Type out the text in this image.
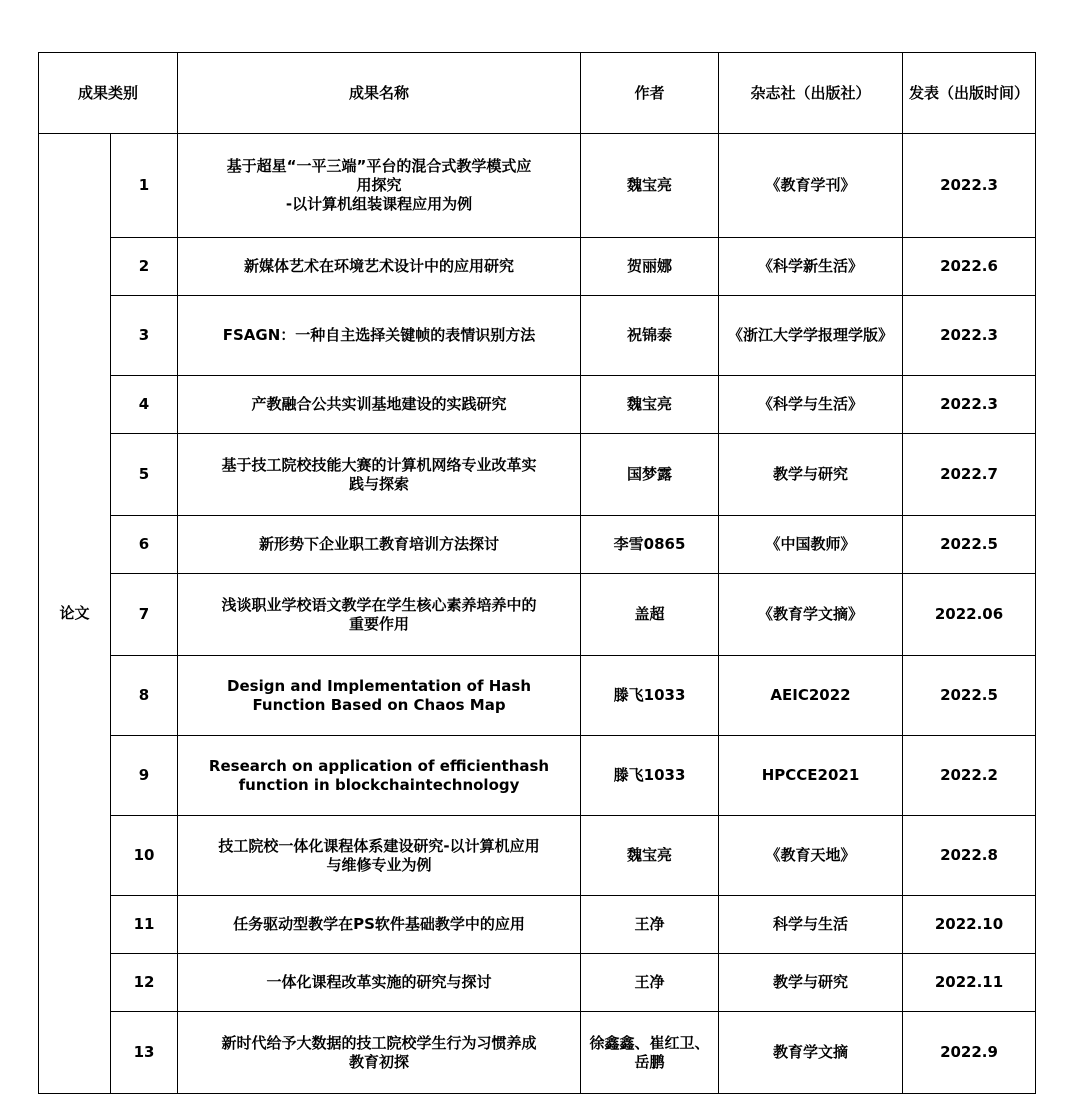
成果类别		成果名称	作者	杂志社（出版社）	发表（出版时间）
论文	1	基于超星“一平三端”平台的混合式教学模式应
用探究
-以计算机组装课程应用为例	魏宝亮	《教育学刊》	2022.3
	2	新媒体艺术在环境艺术设计中的应用研究	贺丽娜	《科学新生活》	2022.6
	3	FSAGN：一种自主选择关键帧的表情识别方法	祝锦泰	《浙江大学学报理学版》	2022.3
	4	产教融合公共实训基地建设的实践研究	魏宝亮	《科学与生活》	2022.3
	5	基于技工院校技能大赛的计算机网络专业改革实
践与探索	国梦露	教学与研究	2022.7
	6	新形势下企业职工教育培训方法探讨	李雪0865	《中国教师》	2022.5
	7	浅谈职业学校语文教学在学生核心素养培养中的
重要作用	盖超	《教育学文摘》	2022.06
	8	Design and Implementation of Hash
Function Based on Chaos Map	滕飞1033	AEIC2022	2022.5
	9	Research on application of efficienthash
function in blockchaintechnology	滕飞1033	HPCCE2021	2022.2
	10	技工院校一体化课程体系建设研究-以计算机应用
与维修专业为例	魏宝亮	《教育天地》	2022.8
	11	任务驱动型教学在PS软件基础教学中的应用	王净	科学与生活	2022.10
	12	一体化课程改革实施的研究与探讨	王净	教学与研究	2022.11
	13	新时代给予大数据的技工院校学生行为习惯养成
教育初探	徐鑫鑫、崔红卫、岳鹏	教育学文摘	2022.9
